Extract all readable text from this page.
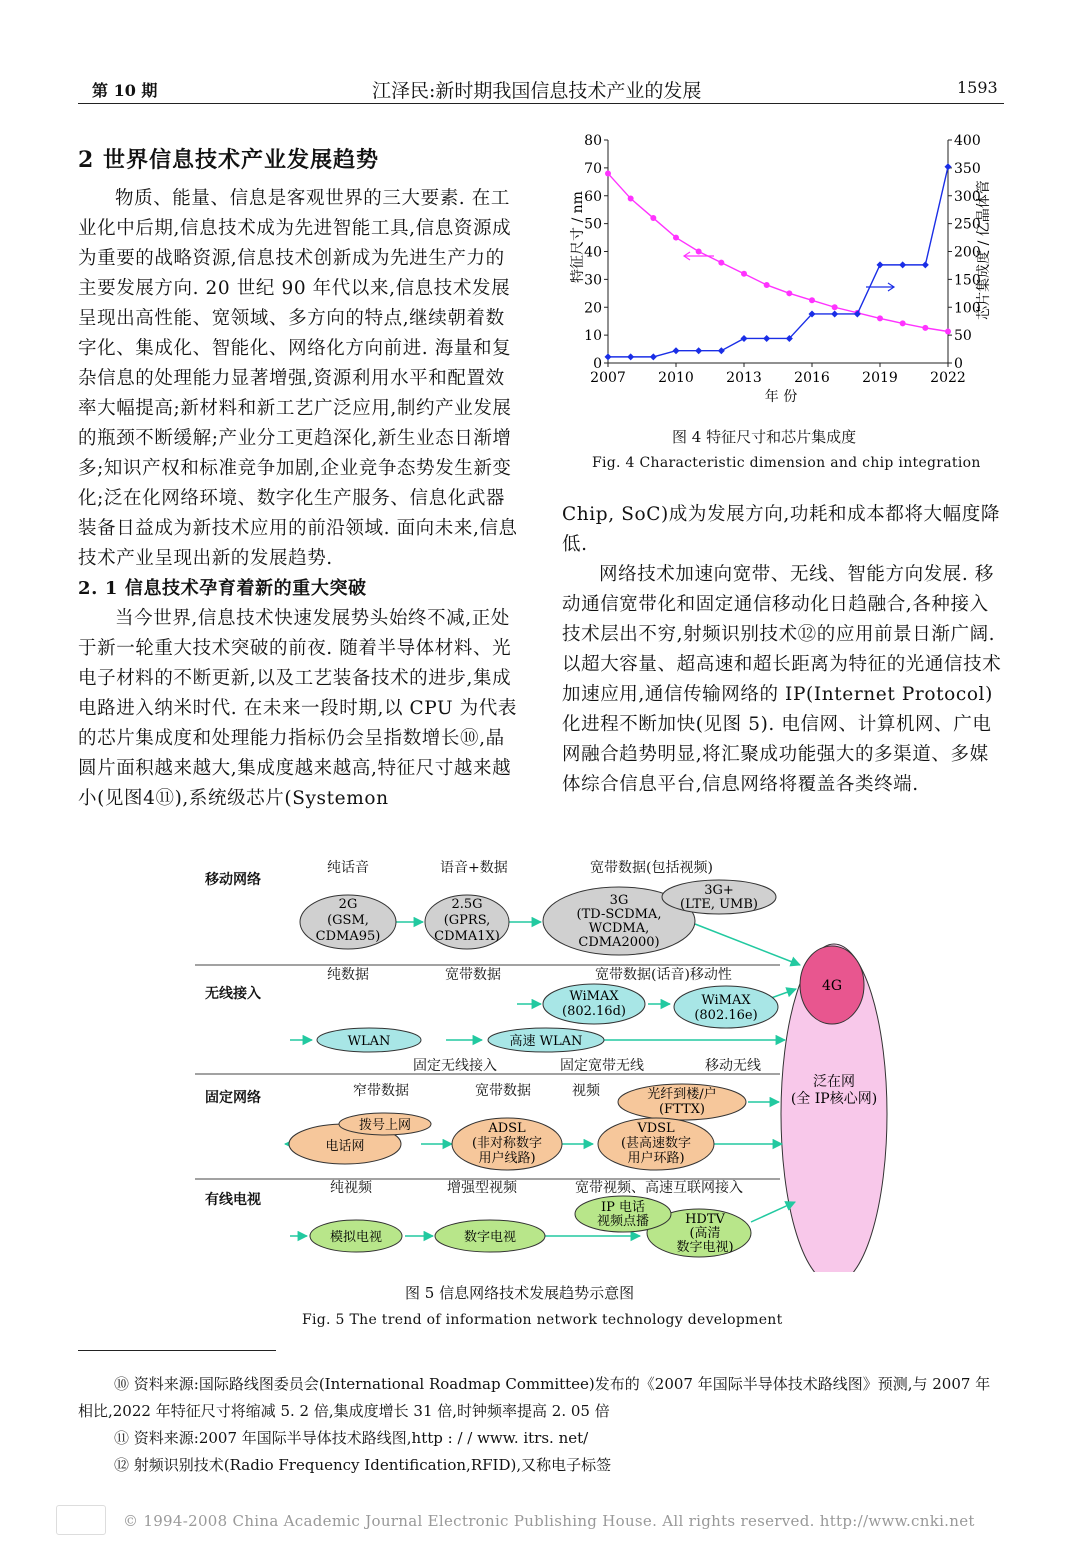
第 10 期	江泽民:新时期我国信息技术产业的发展	1593

2 世界信息技术产业发展趋势

物质、能量、信息是客观世界的三大要素. 在工业化中后期,信息技术成为先进智能工具,信息资源成为重要的战略资源,信息技术创新成为先进生产力的主要发展方向. 20 世纪 90 年代以来,信息技术发展呈现出高性能、宽领域、多方向的特点,继续朝着数字化、集成化、智能化、网络化方向前进. 海量和复杂信息的处理能力显著增强,资源利用水平和配置效率大幅提高;新材料和新工艺广泛应用,制约产业发展的瓶颈不断缓解;产业分工更趋深化,新生业态日渐增多;知识产权和标准竞争加剧,企业竞争态势发生新变化;泛在化网络环境、数字化生产服务、信息化武器装备日益成为新技术应用的前沿领域. 面向未来,信息技术产业呈现出新的发展趋势.

2. 1 信息技术孕育着新的重大突破

当今世界,信息技术快速发展势头始终不减,正处于新一轮重大技术突破的前夜. 随着半导体材料、光电子材料的不断更新,以及工艺装备技术的进步,集成电路进入纳米时代. 在未来一段时期,以 CPU 为代表的芯片集成度和处理能力指标仍会呈指数增长⑩,晶圆片面积越来越大,集成度越来越高,特征尺寸越来越小(见图4⑪),系统级芯片(Systemon

0
10
20
30
40
50
60
70
80
0
50
100
150
200
250
300
350
400
2007 2010 2013 2016 2019 2022
年 份
特征尺寸 / nm	芯片集成度 / 亿晶体管
图 4 特征尺寸和芯片集成度
Fig. 4 Characteristic dimension and chip integration

Chip, SoC)成为发展方向,功耗和成本都将大幅度降低.

网络技术加速向宽带、无线、智能方向发展. 移动通信宽带化和固定通信移动化日趋融合,各种接入技术层出不穷,射频识别技术⑫的应用前景日渐广阔. 以超大容量、超高速和超长距离为特征的光通信技术加速应用,通信传输网络的 IP(Internet Protocol)化进程不断加快(见图 5). 电信网、计算机网、广电网融合趋势明显,将汇聚成功能强大的多渠道、多媒体综合信息平台,信息网络将覆盖各类终端.

移动网络
无线接入
固定网络
有线电视
纯话音	语音+数据	宽带数据(包括视频)
纯数据	宽带数据	宽带数据(话音)移动性
固定无线接入	固定宽带无线	移动无线
窄带数据	宽带数据	视频
纯视频	增强型视频	宽带视频、高速互联网接入
泛在网
(全 IP核心网)
4G
2G
(GSM,
CDMA95)
2.5G
(GPRS,
CDMA1X)
3G
(TD-SCDMA,
WCDMA,
CDMA2000)
3G+
(LTE, UMB)
WiMAX
(802.16d)
WiMAX
(802.16e)
WLAN	高速 WLAN
光纤到楼/户
(FTTX)
电话网
拨号上网	ADSL
(非对称数字
用户线路)
VDSL
(甚高速数字
用户环路)
模拟电视	数字电视
HDTV
(高清
数字电视)
IP 电话
视频点播
图 5 信息网络技术发展趋势示意图
Fig. 5 The trend of information network technology development

⑩ 资料来源:国际路线图委员会(International Roadmap Committee)发布的《2007 年国际半导体技术路线图》预测,与 2007 年相比,2022 年特征尺寸将缩减 5. 2 倍,集成度增长 31 倍,时钟频率提高 2. 05 倍

⑪ 资料来源:2007 年国际半导体技术路线图,http : / / www. itrs. net/

⑫ 射频识别技术(Radio Frequency Identification,RFID),又称电子标签

© 1994-2008 China Academic Journal Electronic Publishing House. All rights reserved. http://www.cnki.net
